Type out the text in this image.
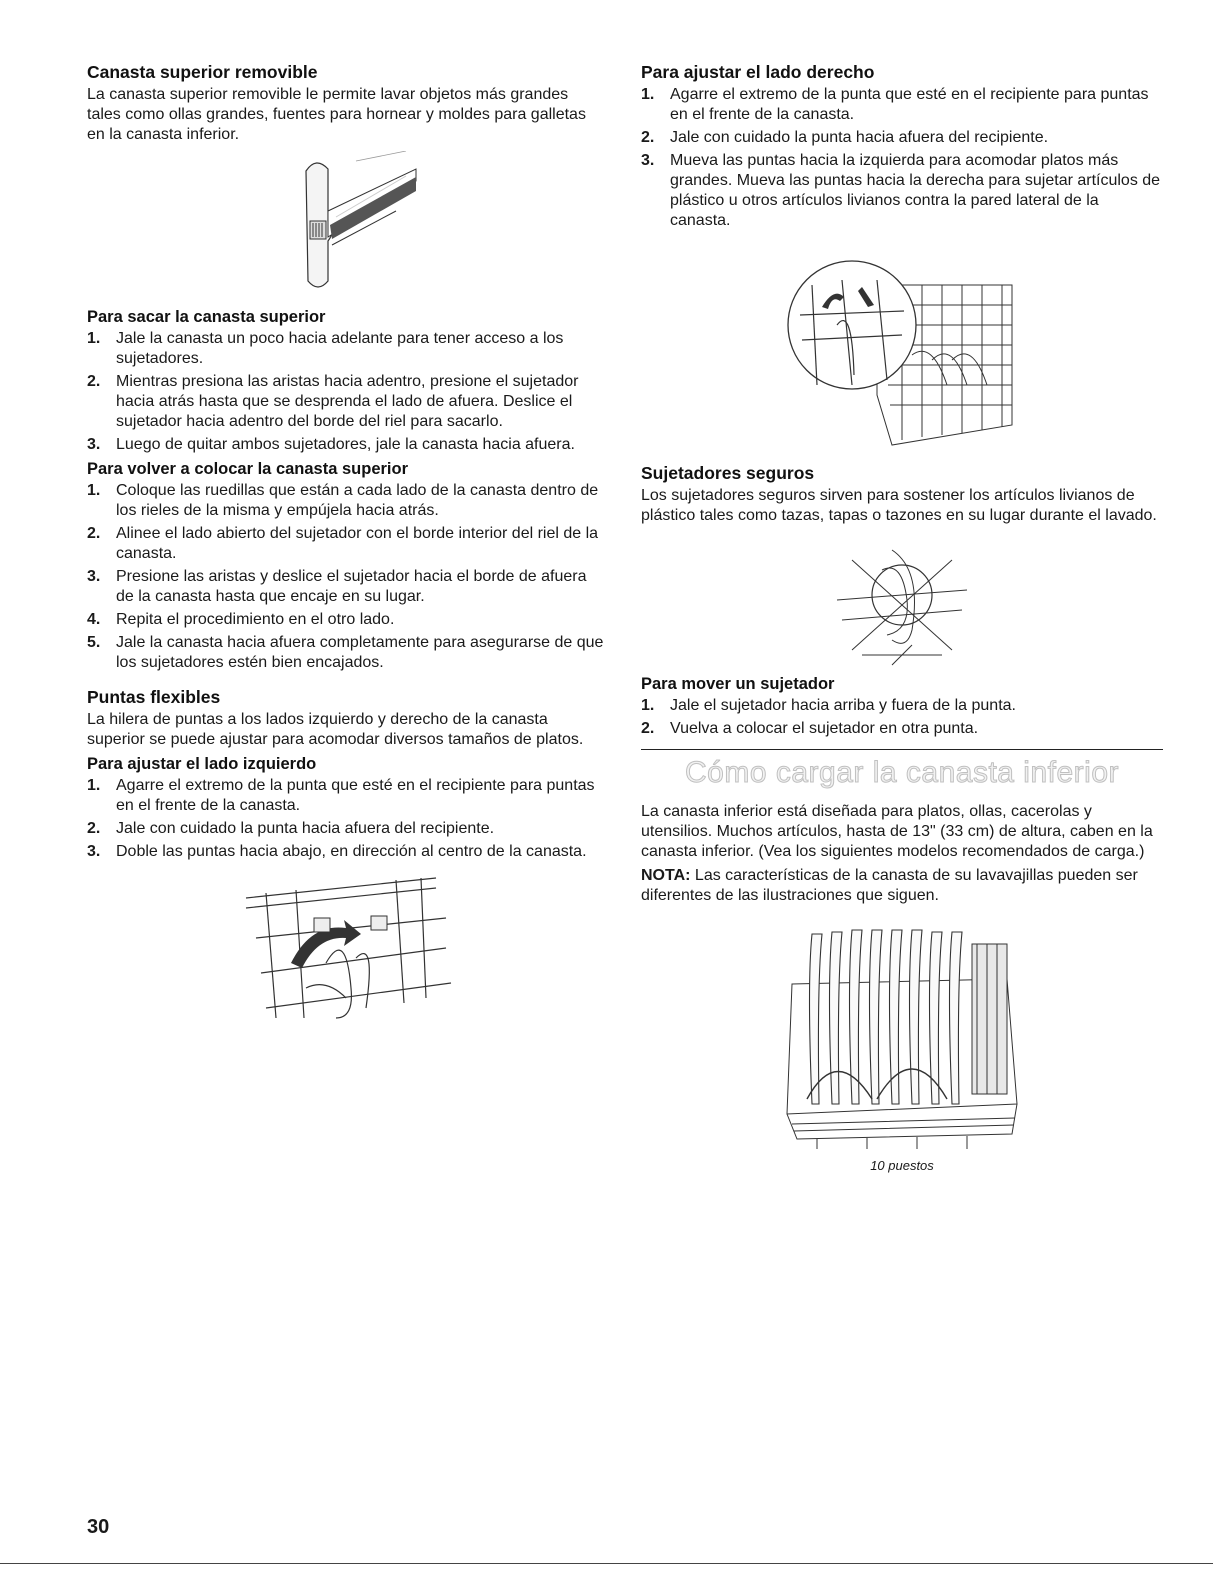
Canasta superior removible

La canasta superior removible le permite lavar objetos más grandes tales como ollas grandes, fuentes para hornear y moldes para galletas en la canasta inferior.

Para sacar la canasta superior
1. Jale la canasta un poco hacia adelante para tener acceso a los sujetadores.
2. Mientras presiona las aristas hacia adentro, presione el sujetador hacia atrás hasta que se desprenda el lado de afuera. Deslice el sujetador hacia adentro del borde del riel para sacarlo.
3. Luego de quitar ambos sujetadores, jale la canasta hacia afuera.
Para volver a colocar la canasta superior
1. Coloque las ruedillas que están a cada lado de la canasta dentro de los rieles de la misma y empújela hacia atrás.
2. Alinee el lado abierto del sujetador con el borde interior del riel de la canasta.
3. Presione las aristas y deslice el sujetador hacia el borde de afuera de la canasta hasta que encaje en su lugar.
4. Repita el procedimiento en el otro lado.
5. Jale la canasta hacia afuera completamente para asegurarse de que los sujetadores estén bien encajados.
Puntas flexibles

La hilera de puntas a los lados izquierdo y derecho de la canasta superior se puede ajustar para acomodar diversos tamaños de platos.

Para ajustar el lado izquierdo
1. Agarre el extremo de la punta que esté en el recipiente para puntas en el frente de la canasta.
2. Jale con cuidado la punta hacia afuera del recipiente.
3. Doble las puntas hacia abajo, en dirección al centro de la canasta.
Para ajustar el lado derecho
1. Agarre el extremo de la punta que esté en el recipiente para puntas en el frente de la canasta.
2. Jale con cuidado la punta hacia afuera del recipiente.
3. Mueva las puntas hacia la izquierda para acomodar platos más grandes. Mueva las puntas hacia la derecha para sujetar artículos de plástico u otros artículos livianos contra la pared lateral de la canasta.
Sujetadores seguros

Los sujetadores seguros sirven para sostener los artículos livianos de plástico tales como tazas, tapas o tazones en su lugar durante el lavado.

Para mover un sujetador
1. Jale el sujetador hacia arriba y fuera de la punta.
2. Vuelva a colocar el sujetador en otra punta.
Cómo cargar la canasta inferior

La canasta inferior está diseñada para platos, ollas, cacerolas y utensilios. Muchos artículos, hasta de 13" (33 cm) de altura, caben en la canasta inferior. (Vea los siguientes modelos recomendados de carga.)

NOTA: Las características de la canasta de su lavavajillas pueden ser diferentes de las ilustraciones que siguen.

10 puestos
30
